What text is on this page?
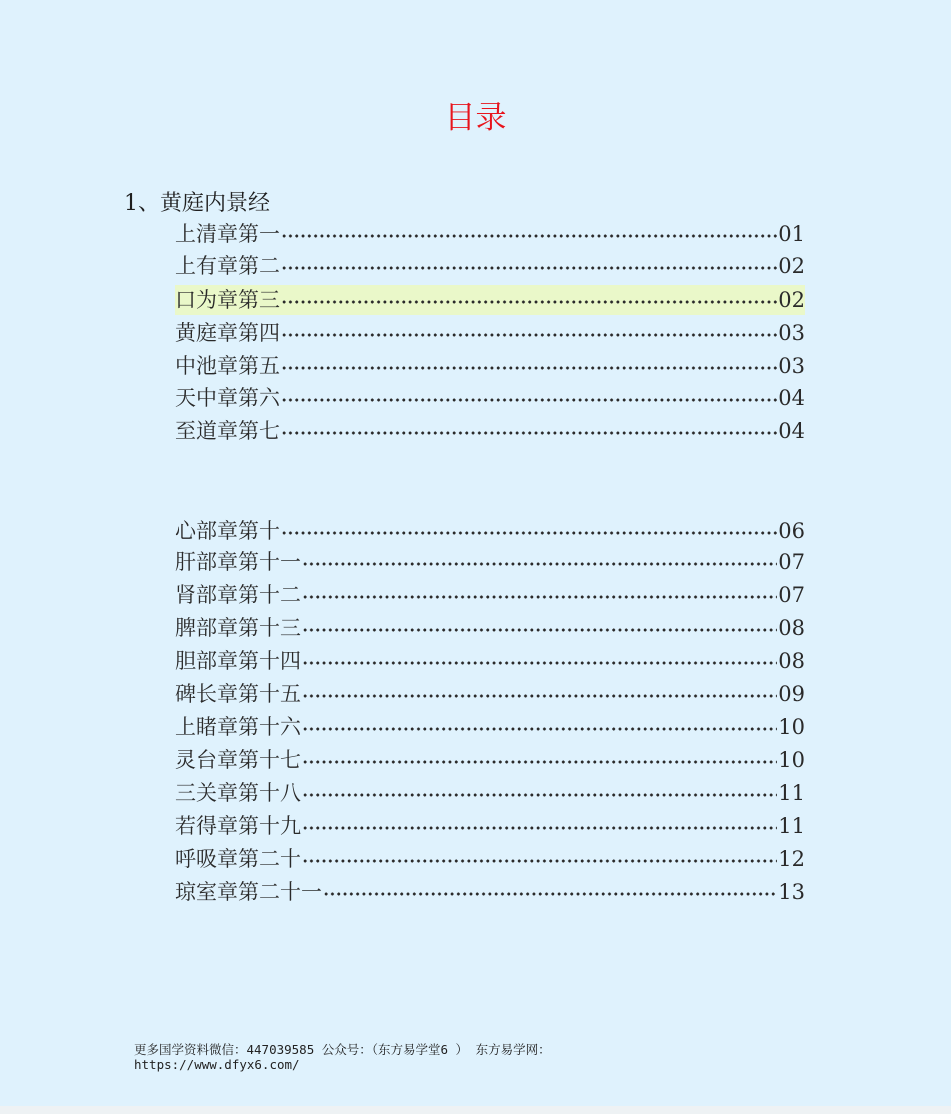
目录
1、黄庭内景经
上清章第一	01
上有章第二	02
口为章第三	02
黄庭章第四	03
中池章第五	03
天中章第六	04
至道章第七	04
心部章第十	06
肝部章第十一	07
肾部章第十二	07
脾部章第十三	08
胆部章第十四	08
碑长章第十五	09
上睹章第十六	10
灵台章第十七	10
三关章第十八	11
若得章第十九	11
呼吸章第二十	12
琼室章第二十一	13
更多国学资料微信：447039585 公众号：（东方易学堂6 ） 东方易学网：
https://www.dfyx6.com/
